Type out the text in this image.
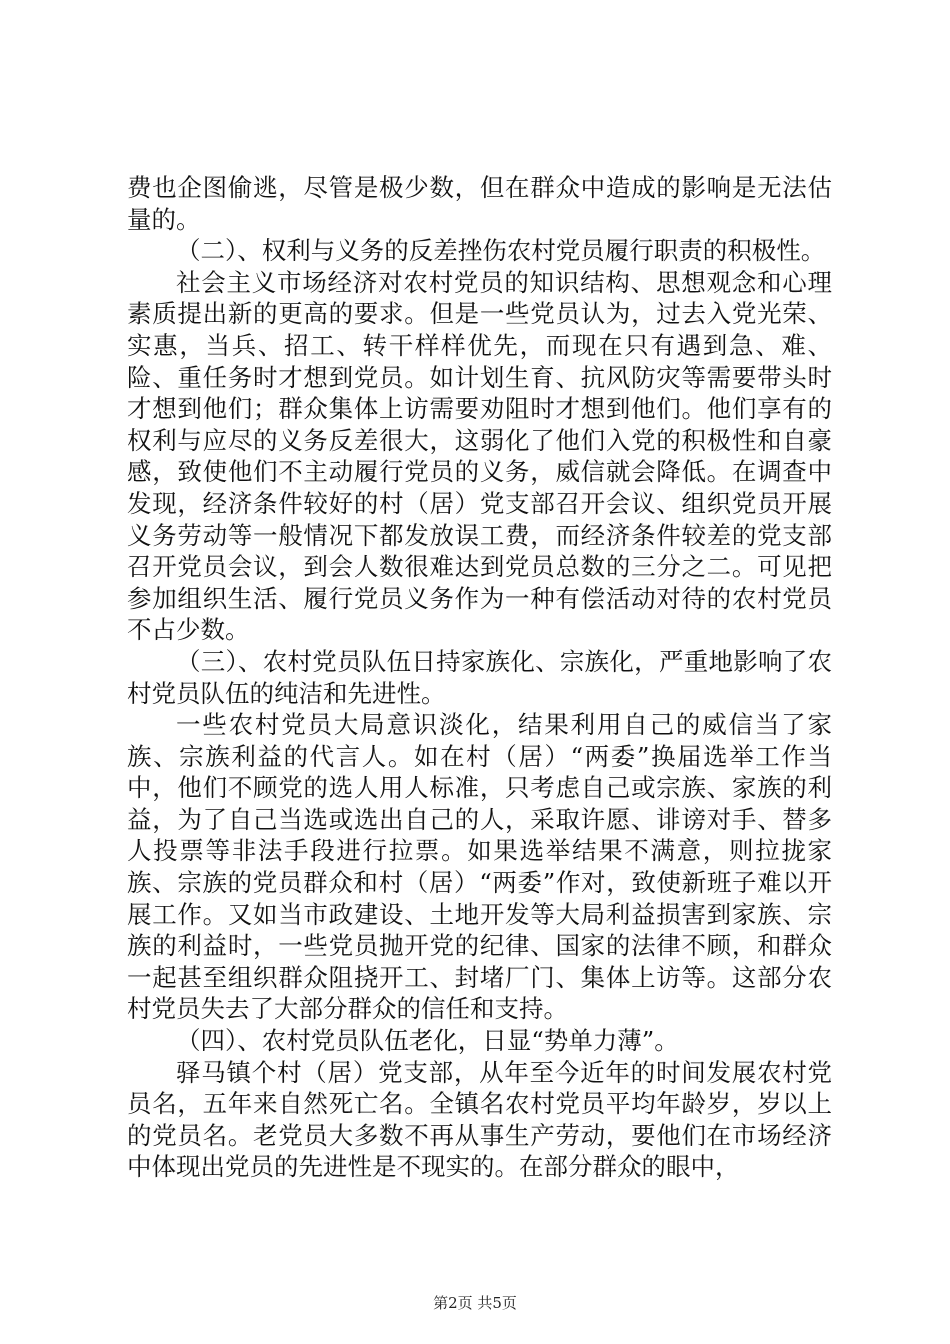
费也企图偷逃，尽管是极少数，但在群众中造成的影响是无法估量的。

（二）、权利与义务的反差挫伤农村党员履行职责的积极性。

社会主义市场经济对农村党员的知识结构、思想观念和心理素质提出新的更高的要求。但是一些党员认为，过去入党光荣、实惠，当兵、招工、转干样样优先，而现在只有遇到急、难、险、重任务时才想到党员。如计划生育、抗风防灾等需要带头时才想到他们；群众集体上访需要劝阻时才想到他们。他们享有的权利与应尽的义务反差很大，这弱化了他们入党的积极性和自豪感，致使他们不主动履行党员的义务，威信就会降低。在调查中发现，经济条件较好的村（居）党支部召开会议、组织党员开展义务劳动等一般情况下都发放误工费，而经济条件较差的党支部召开党员会议，到会人数很难达到党员总数的三分之二。可见把参加组织生活、履行党员义务作为一种有偿活动对待的农村党员不占少数。

（三）、农村党员队伍日持家族化、宗族化，严重地影响了农村党员队伍的纯洁和先进性。

一些农村党员大局意识淡化，结果利用自己的威信当了家族、宗族利益的代言人。如在村（居）“两委”换届选举工作当中，他们不顾党的选人用人标准，只考虑自己或宗族、家族的利益，为了自己当选或选出自己的人，采取许愿、诽谤对手、替多人投票等非法手段进行拉票。如果选举结果不满意，则拉拢家族、宗族的党员群众和村（居）“两委”作对，致使新班子难以开展工作。又如当市政建设、土地开发等大局利益损害到家族、宗族的利益时，一些党员抛开党的纪律、国家的法律不顾，和群众一起甚至组织群众阻挠开工、封堵厂门、集体上访等。这部分农村党员失去了大部分群众的信任和支持。

（四）、农村党员队伍老化，日显“势单力薄”。

驿马镇个村（居）党支部，从年至今近年的时间发展农村党员名，五年来自然死亡名。全镇名农村党员平均年龄岁，岁以上的党员名。老党员大多数不再从事生产劳动，要他们在市场经济中体现出党员的先进性是不现实的。在部分群众的眼中，

第2页 共5页
